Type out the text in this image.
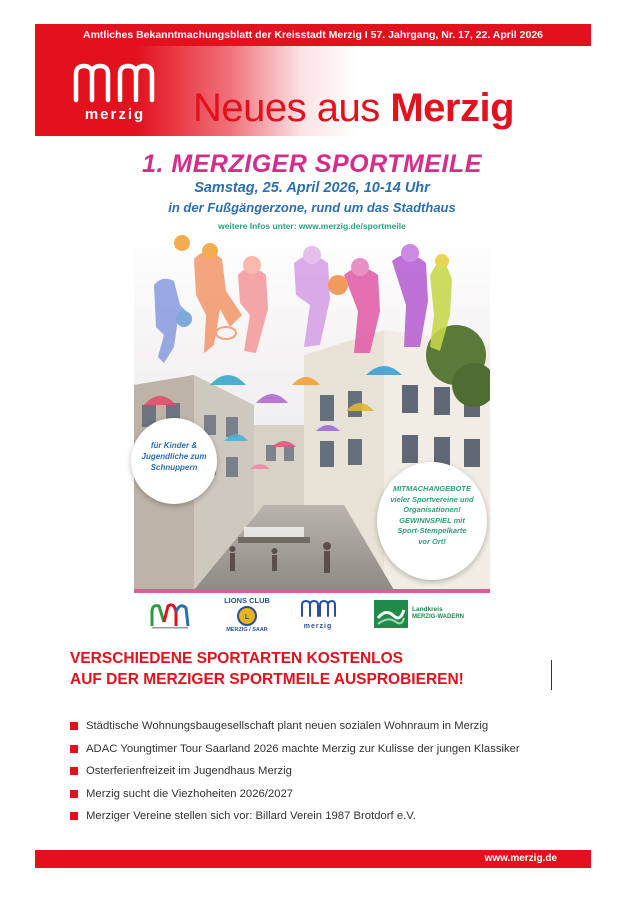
Amtliches Bekanntmachungsblatt der Kreisstadt Merzig I 57. Jahrgang, Nr. 17, 22. April 2026
merzig	Neues aus Merzig
1. MERZIGER SPORTMEILE
Samstag, 25. April 2026, 10-14 Uhr
in der Fußgängerzone, rund um das Stadthaus
weitere Infos unter: www.merzig.de/sportmeile
für Kinder &
Jugendliche zum
Schnuppern
MITMACHANGEBOTE
vieler Sportvereine und
Organisationen!
GEWINNSPIEL mit
Sport-Stempelkarte
vor Ort!
LIONS CLUB
L
MERZIG / SAAR	merzig
Landkreis
MERZIG-WADERN
VERSCHIEDENE SPORTARTEN KOSTENLOS
AUF DER MERZIGER SPORTMEILE AUSPROBIEREN!
Städtische Wohnungsbaugesellschaft plant neuen sozialen Wohnraum in Merzig
ADAC Youngtimer Tour Saarland 2026 machte Merzig zur Kulisse der jungen Klassiker
Osterferienfreizeit im Jugendhaus Merzig
Merzig sucht die Viezhoheiten 2026/2027
Merziger Vereine stellen sich vor: Billard Verein 1987 Brotdorf e.V.
www.merzig.de
